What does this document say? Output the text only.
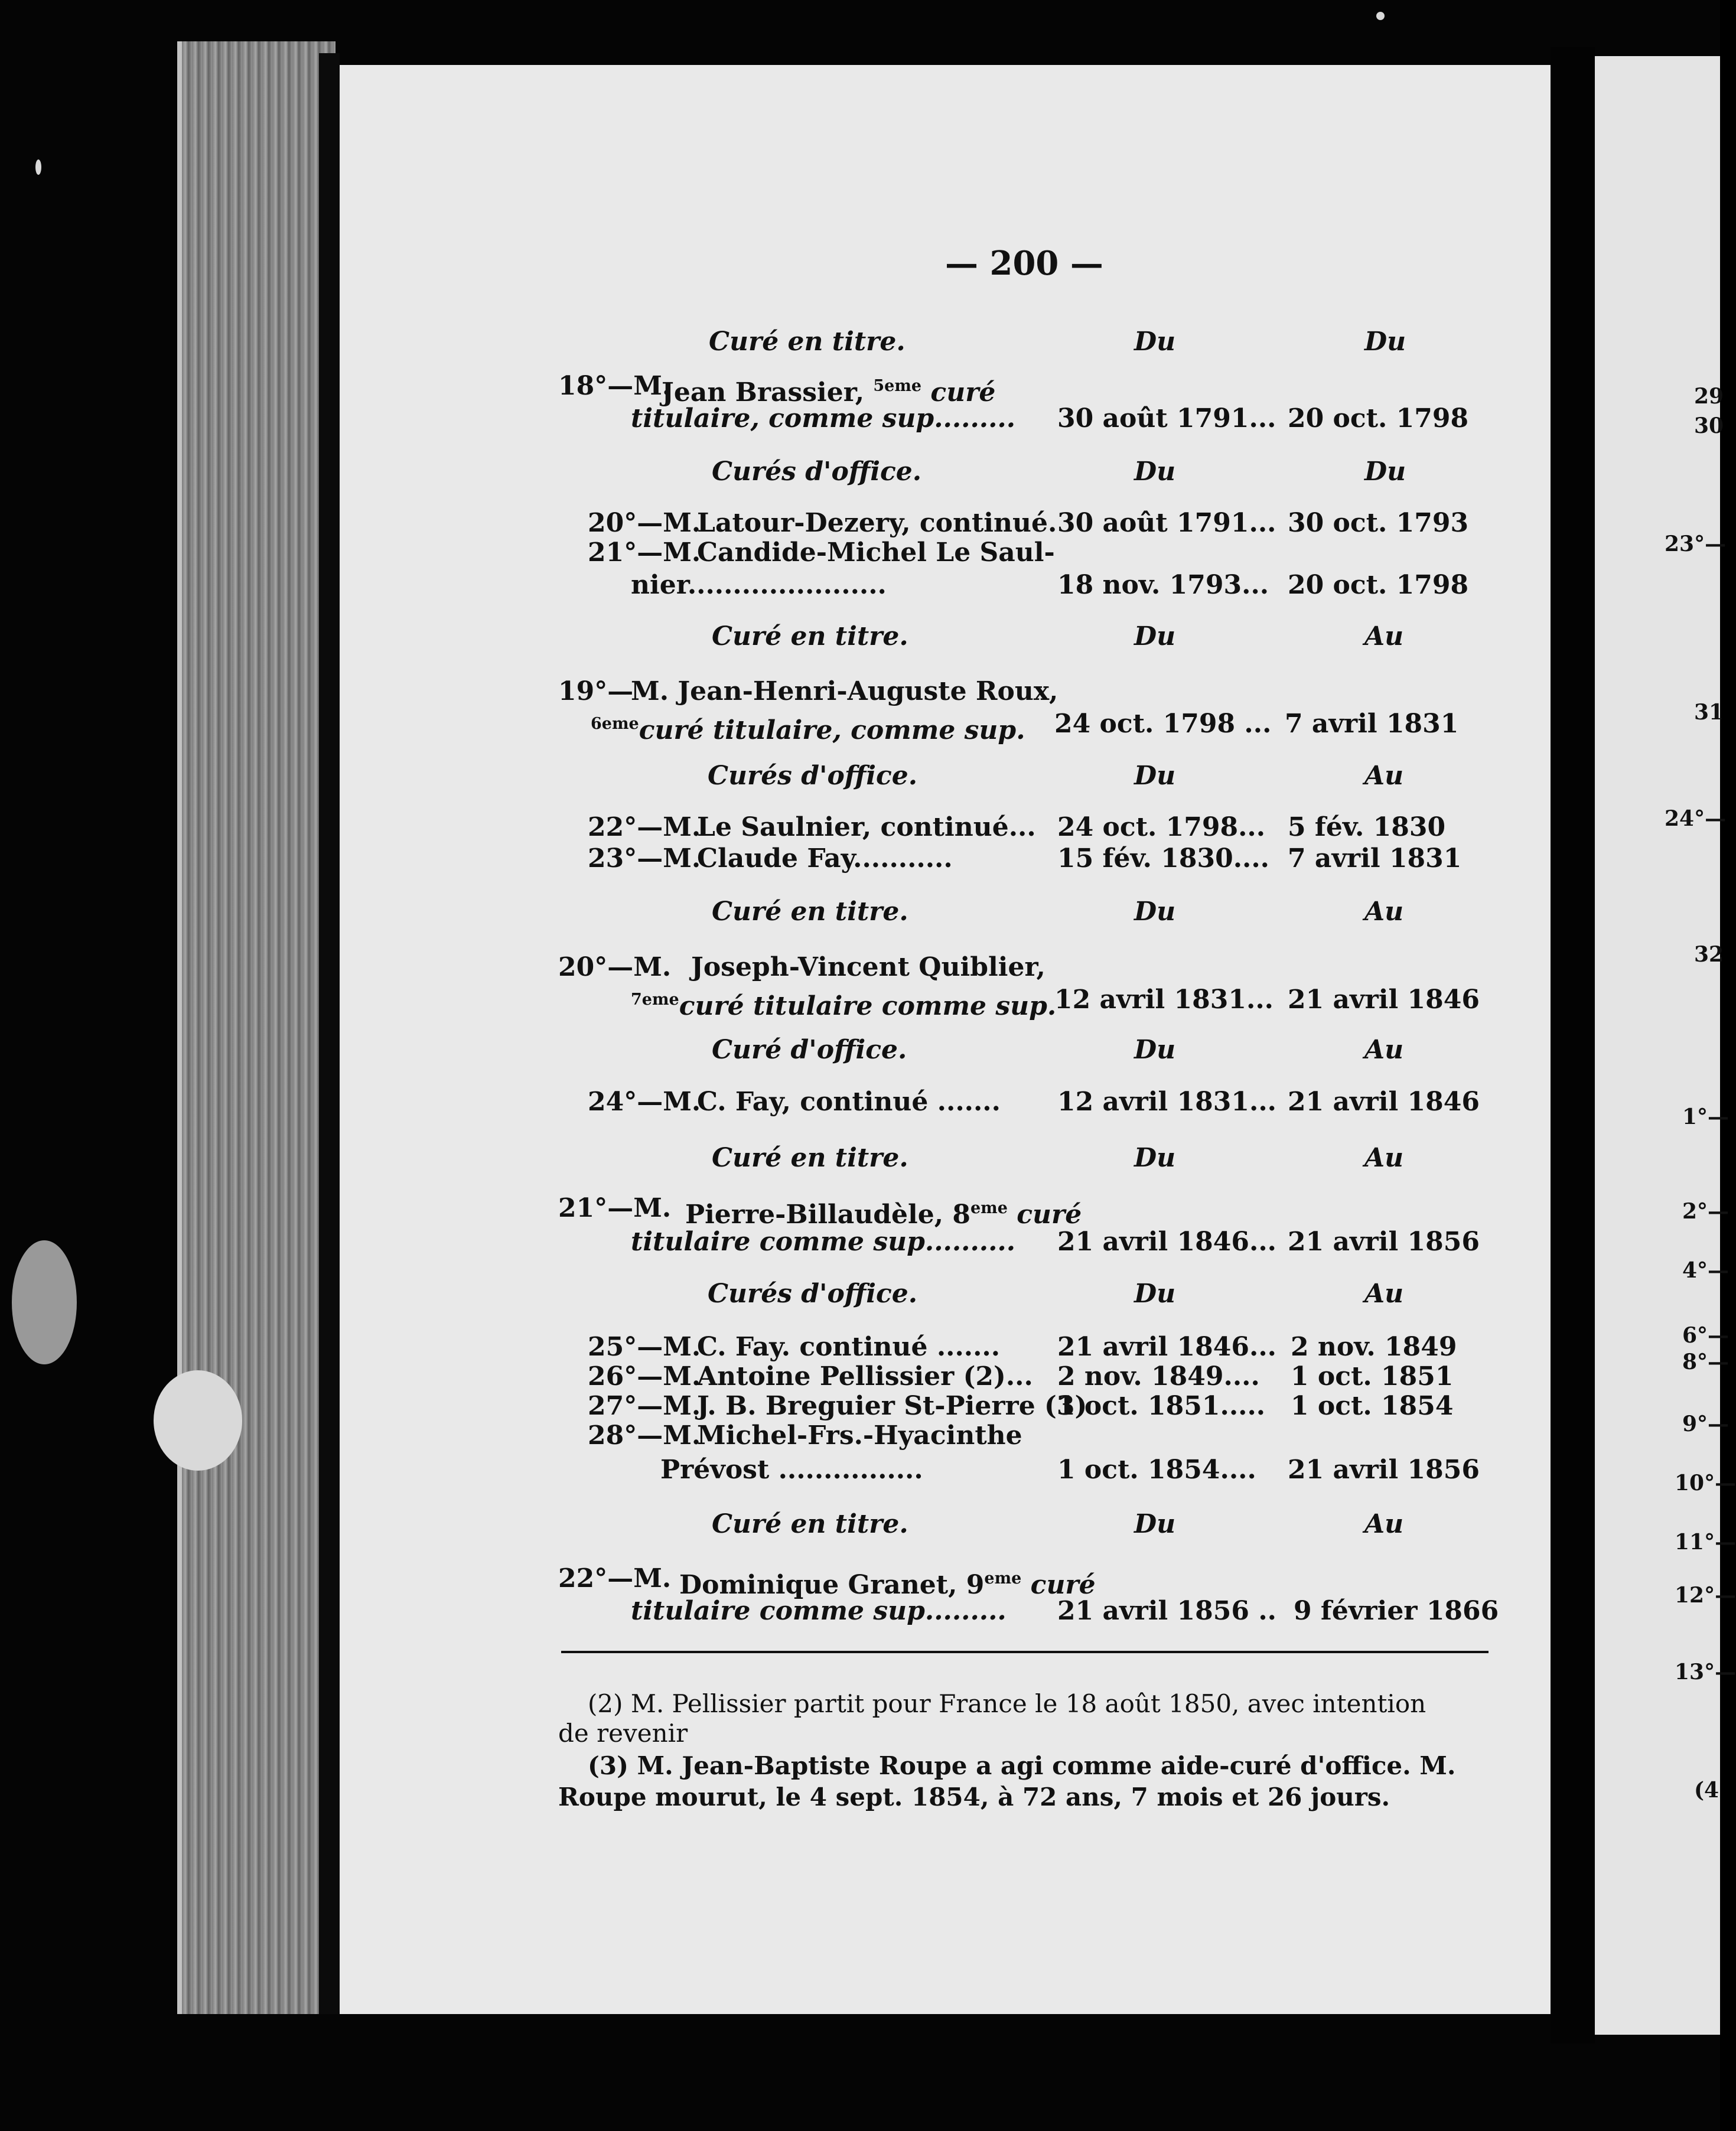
— 200 —
Curé en titre.	Du	Du
18°—M.
Jean Brassier, $^{5eme}$ curé
titulaire, comme sup......... 30 août 1791... 20 oct. 1798
Curés d'office.	Du	Du
20°—M.
Latour-Dezery, continué. 30 août 1791... 30 oct. 1793
21°—M.
Candide-Michel Le Saul-
nier......................	18 nov. 1793... 20 oct. 1798
Curé en titre.	Du	Au
19°—
M. Jean-Henri-Auguste Roux,
$^{6eme}$curé titulaire, comme sup. 24 oct. 1798 ... 7 avril 1831
Curés d'office.	Du	Au
22°—M.
Le Saulnier, continué... 24 oct. 1798... 5 fév. 1830
23°—M.
Claude Fay...........	15 fév. 1830.... 7 avril 1831
Curé en titre.	Du	Au
20°—M. Joseph-Vincent Quiblier,
$^{7eme}$curé titulaire comme sup.
12 avril 1831... 21 avril 1846
Curé d'office.	Du	Au
24°—M.
C. Fay, continué ....... 12 avril 1831... 21 avril 1846
Curé en titre.	Du	Au
21°—M. Pierre-Billaudèle, 8eme curé
titulaire comme sup.......... 21 avril 1846... 21 avril 1856
Curés d'office.	Du	Au
25°—M.
C. Fay. continué ....... 21 avril 1846... 2 nov. 1849
26°—M.
Antoine Pellissier (2)... 2 nov. 1849.... 1 oct. 1851
27°—M.
J. B. Breguier St-Pierre (3)
1 oct. 1851..... 1 oct. 1854
28°—M.
Michel-Frs.-Hyacinthe
Prévost ................	1 oct. 1854.... 21 avril 1856
Curé en titre.	Du	Au
22°—M. Dominique Granet, 9eme curé
titulaire comme sup......... 21 avril 1856 .. 9 février 1866
(2) M. Pellissier partit pour France le 18 août 1850, avec intention
de revenir
(3) M. Jean-Baptiste Roupe a agi comme aide-curé d'office. M.
Roupe mourut, le 4 sept. 1854, à 72 ans, 7 mois et 26 jours.
29
30
23°—
31
24°—
32
1°—
2°—
4°—
6°—
8°—
9°—
10°—
11°—
12°—
13°—
(4
